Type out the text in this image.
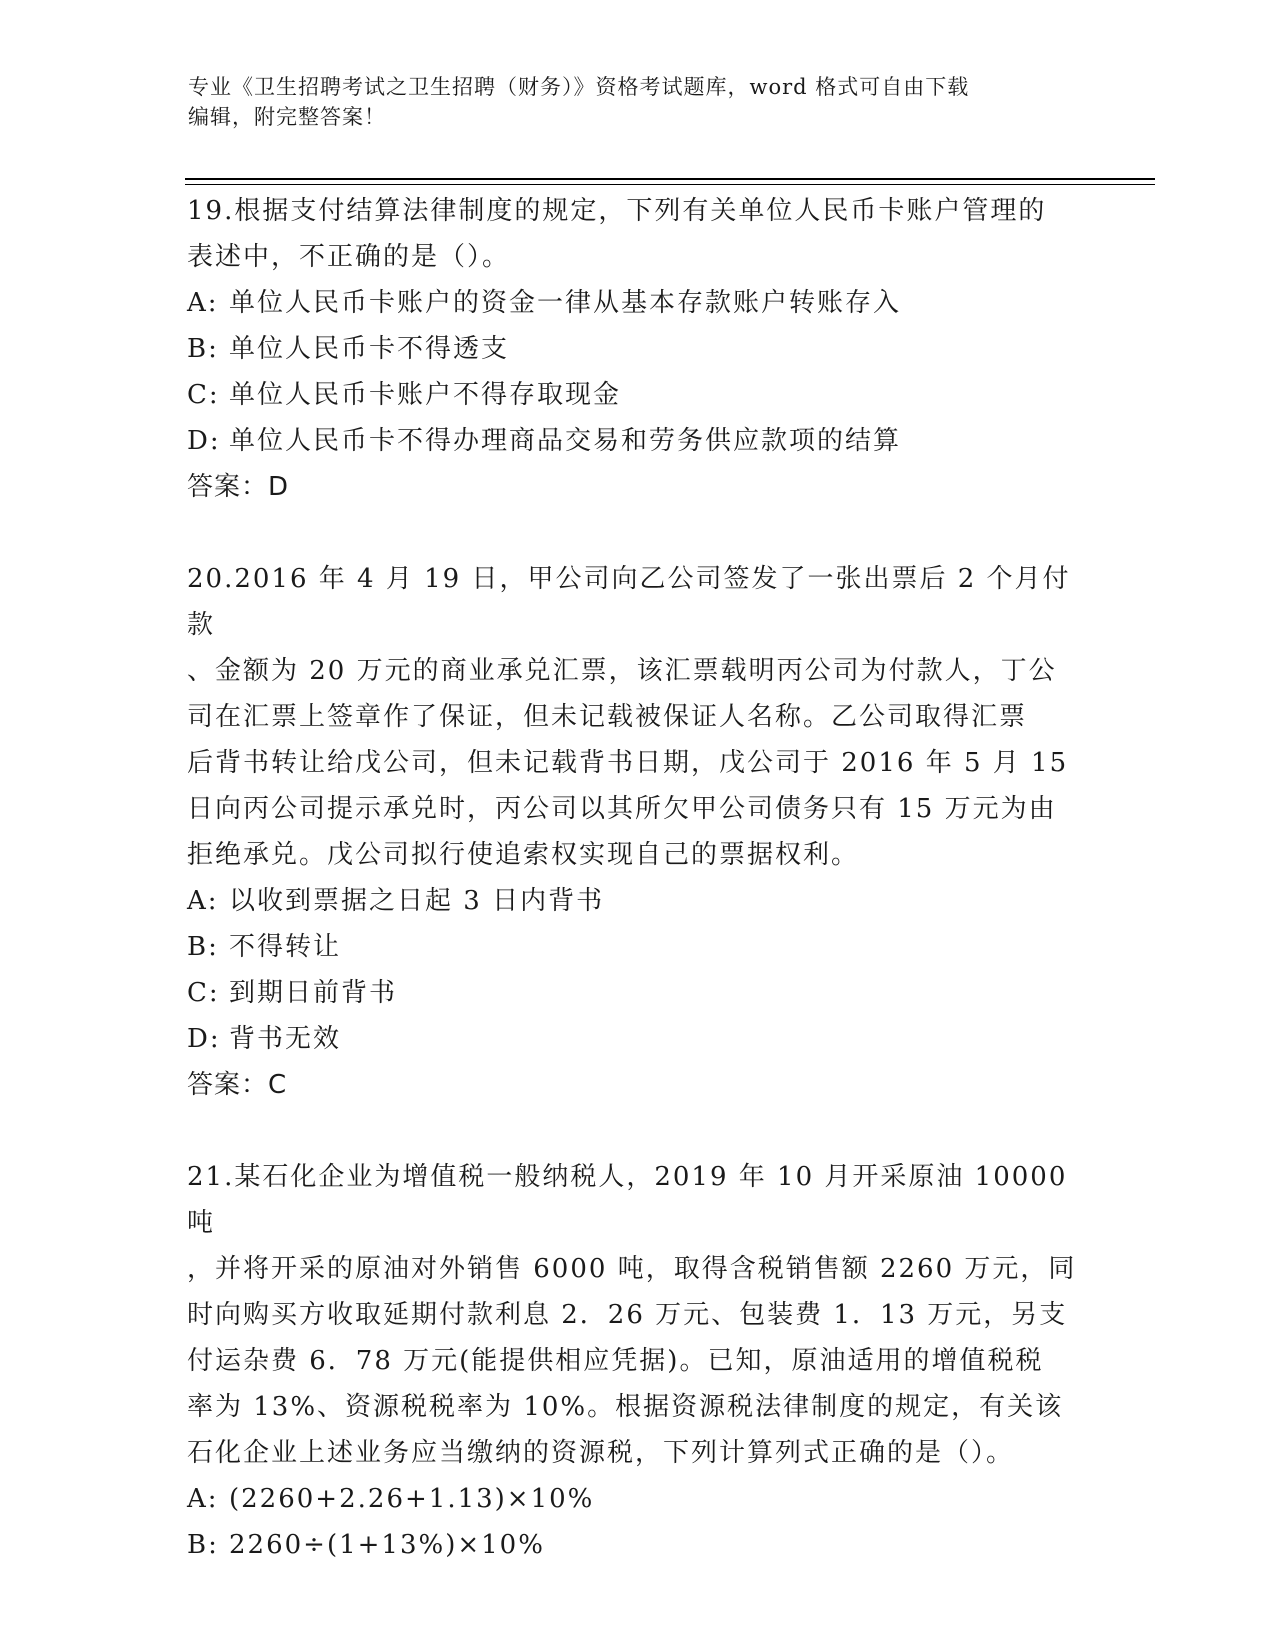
专业《卫生招聘考试之卫生招聘（财务）》资格考试题库，word 格式可自由下载
编辑，附完整答案！

19.根据支付结算法律制度的规定，下列有关单位人民币卡账户管理的

表述中，不正确的是（）。

A: 单位人民币卡账户的资金一律从基本存款账户转账存入

B: 单位人民币卡不得透支

C: 单位人民币卡账户不得存取现金

D: 单位人民币卡不得办理商品交易和劳务供应款项的结算

答案：D

20.2016 年 4 月 19 日，甲公司向乙公司签发了一张出票后 2 个月付款

、金额为 20 万元的商业承兑汇票，该汇票载明丙公司为付款人，丁公

司在汇票上签章作了保证，但未记载被保证人名称。乙公司取得汇票

后背书转让给戊公司，但未记载背书日期，戊公司于 2016 年 5 月 15

日向丙公司提示承兑时，丙公司以其所欠甲公司债务只有 15 万元为由

拒绝承兑。戊公司拟行使追索权实现自己的票据权利。

A: 以收到票据之日起 3 日内背书

B: 不得转让

C: 到期日前背书

D: 背书无效

答案：C

21.某石化企业为增值税一般纳税人，2019 年 10 月开采原油 10000 吨

，并将开采的原油对外销售 6000 吨，取得含税销售额 2260 万元，同

时向购买方收取延期付款利息 2．26 万元、包装费 1．13 万元，另支

付运杂费 6．78 万元(能提供相应凭据)。已知，原油适用的增值税税

率为 13%、资源税税率为 10%。根据资源税法律制度的规定，有关该

石化企业上述业务应当缴纳的资源税，下列计算列式正确的是（）。

A: (2260+2.26+1.13)×10%

B: 2260÷(1+13%)×10%
